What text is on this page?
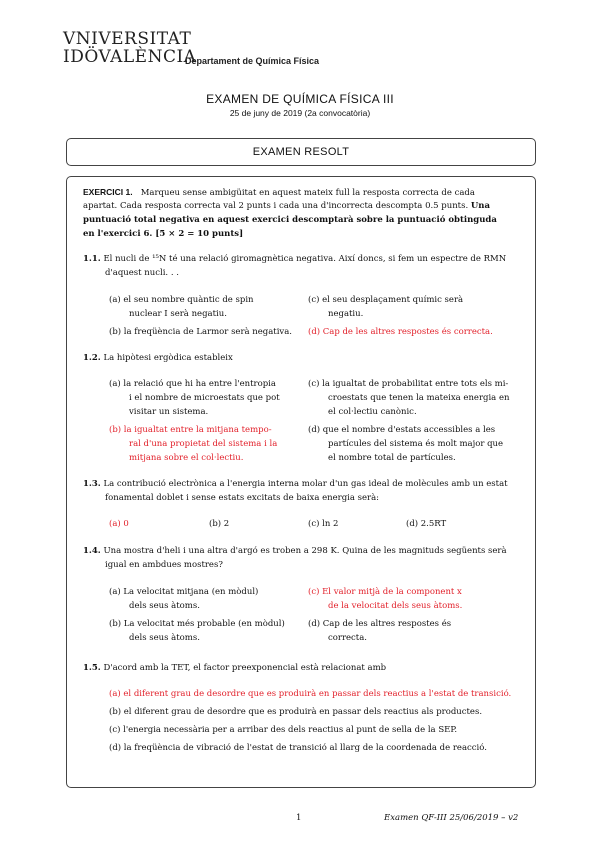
VNIVERSITAT
IDÖVALÈNCIA
Departament de Química Física
EXAMEN DE QUÍMICA FÍSICA III
25 de juny de 2019 (2a convocatòria)
EXAMEN RESOLT
EXERCICI 1. Marqueu sense ambigüitat en aquest mateix full la resposta correcta de cada
apartat. Cada resposta correcta val 2 punts i cada una d'incorrecta descompta 0.5 punts. Una
puntuació total negativa en aquest exercici descomptarà sobre la puntuació obtinguda
en l'exercici 6. [5 × 2 = 10 punts]
1.1. El nucli de ¹⁵N té una relació giromagnètica negativa. Així doncs, si fem un espectre de RMN
d'aquest nucli. . .
(a) el seu nombre quàntic de spin
nuclear I serà negatiu.
(c) el seu desplaçament químic serà
negatiu.
(b) la freqüència de Larmor serà negativa. (d) Cap de les altres respostes és correcta.
1.2. La hipòtesi ergòdica estableix
(a) la relació que hi ha entre l'entropia
i el nombre de microestats que pot
visitar un sistema.
(c) la igualtat de probabilitat entre tots els mi-
croestats que tenen la mateixa energia en
el col·lectiu canònic.
(b) la igualtat entre la mitjana tempo-
ral d'una propietat del sistema i la
mitjana sobre el col·lectiu.
(d) que el nombre d'estats accessibles a les
partícules del sistema és molt major que
el nombre total de partícules.
1.3. La contribució electrònica a l'energia interna molar d'un gas ideal de molècules amb un estat
fonamental doblet i sense estats excitats de baixa energia serà:
(a) 0	(b) 2	(c) ln 2	(d) 2.5RT
1.4. Una mostra d'heli i una altra d'argó es troben a 298 K. Quina de les magnituds següents serà
igual en ambdues mostres?
(a) La velocitat mitjana (en mòdul)
dels seus àtoms.
(c) El valor mitjà de la component x
de la velocitat dels seus àtoms.
(b) La velocitat més probable (en mòdul)
dels seus àtoms.
(d) Cap de les altres respostes és
correcta.
1.5. D'acord amb la TET, el factor preexponencial està relacionat amb
(a) el diferent grau de desordre que es produirà en passar dels reactius a l'estat de transició.
(b) el diferent grau de desordre que es produirà en passar dels reactius als productes.
(c) l'energia necessària per a arribar des dels reactius al punt de sella de la SEP.
(d) la freqüència de vibració de l'estat de transició al llarg de la coordenada de reacció.
1	Examen QF-III 25/06/2019 – v2
